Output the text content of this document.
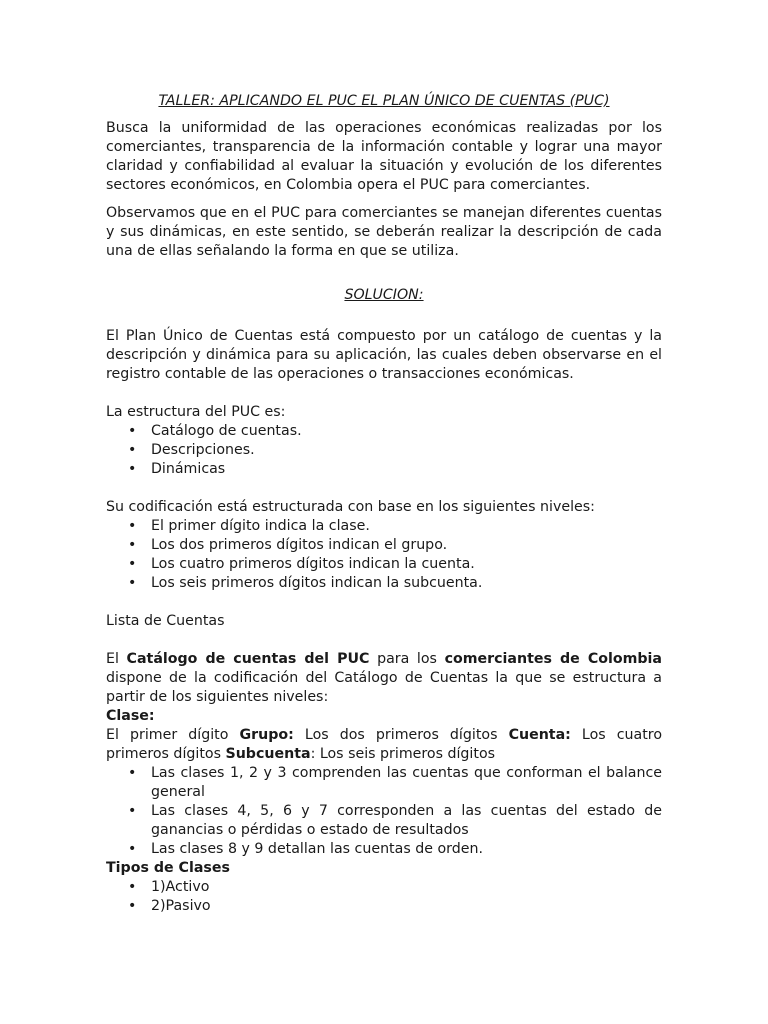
TALLER: APLICANDO EL PUC EL PLAN ÚNICO DE CUENTAS (PUC)

Busca la uniformidad de las operaciones económicas realizadas por los comerciantes, transparencia de la información contable y lograr una mayor claridad y confiabilidad al evaluar la situación y evolución de los diferentes sectores económicos, en Colombia opera el PUC para comerciantes.

Observamos que en el PUC para comerciantes se manejan diferentes cuentas y sus dinámicas, en este sentido, se deberán realizar la descripción de cada una de ellas señalando la forma en que se utiliza.

SOLUCION:

El Plan Único de Cuentas está compuesto por un catálogo de cuentas y la descripción y dinámica para su aplicación, las cuales deben observarse en el registro contable de las operaciones o transacciones económicas.

La estructura del PUC es:

• Catálogo de cuentas.
• Descripciones.
• Dinámicas

Su codificación está estructurada con base en los siguientes niveles:

• El primer dígito indica la clase.
• Los dos primeros dígitos indican el grupo.
• Los cuatro primeros dígitos indican la cuenta.
• Los seis primeros dígitos indican la subcuenta.

Lista de Cuentas

El Catálogo de cuentas del PUC para los comerciantes de Colombia dispone de la codificación del Catálogo de Cuentas la que se estructura a partir de los siguientes niveles:

Clase:

El primer dígito Grupo: Los dos primeros dígitos Cuenta: Los cuatro primeros dígitos Subcuenta: Los seis primeros dígitos

• Las clases 1, 2 y 3 comprenden las cuentas que conforman el balance general
• Las clases 4, 5, 6 y 7 corresponden a las cuentas del estado de ganancias o pérdidas o estado de resultados
• Las clases 8 y 9 detallan las cuentas de orden.

Tipos de Clases

• 1)Activo
• 2)Pasivo
